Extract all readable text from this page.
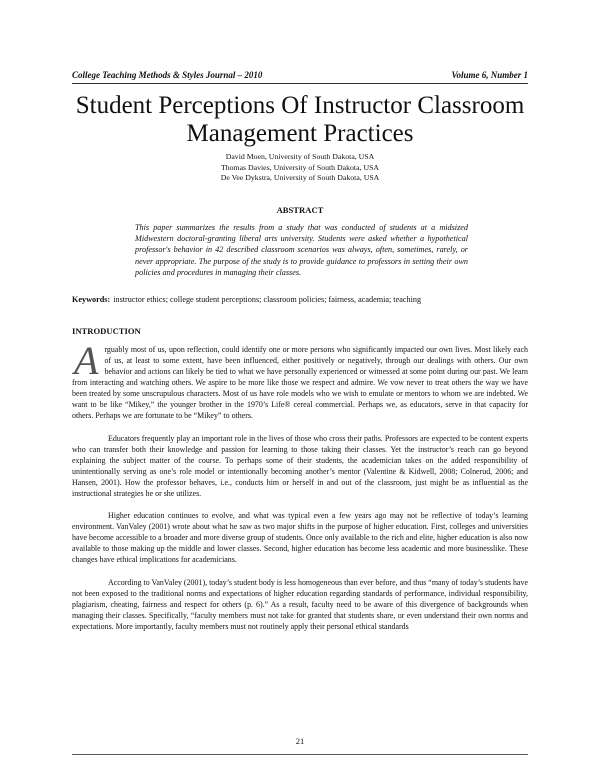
College Teaching Methods & Styles Journal – 2010	Volume 6, Number 1
Student Perceptions Of Instructor Classroom Management Practices
David Moen, University of South Dakota, USA
Thomas Davies, University of South Dakota, USA
De Vee Dykstra, University of South Dakota, USA
ABSTRACT

This paper summarizes the results from a study that was conducted of students at a midsized Midwestern doctoral-granting liberal arts university. Students were asked whether a hypothetical professor's behavior in 42 described classroom scenarios was always, often, sometimes, rarely, or never appropriate. The purpose of the study is to provide guidance to professors in setting their own policies and procedures in managing their classes.

Keywords: instructor ethics; college student perceptions; classroom policies; fairness, academia; teaching

INTRODUCTION

Arguably most of us, upon reflection, could identify one or more persons who significantly impacted our own lives. Most likely each of us, at least to some extent, have been influenced, either positively or negatively, through our dealings with others. Our own behavior and actions can likely be tied to what we have personally experienced or witnessed at some point during our past. We learn from interacting and watching others. We aspire to be more like those we respect and admire. We vow never to treat others the way we have been treated by some unscrupulous characters. Most of us have role models who we wish to emulate or mentors to whom we are indebted. We want to be like “Mikey,” the younger brother in the 1970’s Life® cereal commercial. Perhaps we, as educators, serve in that capacity for others. Perhaps we are fortunate to be “Mikey” to others.

Educators frequently play an important role in the lives of those who cross their paths. Professors are expected to be content experts who can transfer both their knowledge and passion for learning to those taking their classes. Yet the instructor’s reach can go beyond explaining the subject matter of the course. To perhaps some of their students, the academician takes on the added responsibility of unintentionally serving as one’s role model or intentionally becoming another’s mentor (Valentine & Kidwell, 2008; Colnerud, 2006; and Hansen, 2001). How the professor behaves, i.e., conducts him or herself in and out of the classroom, just might be as influential as the instructional strategies he or she utilizes.

Higher education continues to evolve, and what was typical even a few years ago may not be reflective of today’s learning environment. VanValey (2001) wrote about what he saw as two major shifts in the purpose of higher education. First, colleges and universities have become accessible to a broader and more diverse group of students. Once only available to the rich and elite, higher education is also now available to those making up the middle and lower classes. Second, higher education has become less academic and more businesslike. These changes have ethical implications for academicians.

According to VanValey (2001), today’s student body is less homogeneous than ever before, and thus “many of today’s students have not been exposed to the traditional norms and expectations of higher education regarding standards of performance, individual responsibility, plagiarism, cheating, fairness and respect for others (p. 6).” As a result, faculty need to be aware of this divergence of backgrounds when managing their classes. Specifically, “faculty members must not take for granted that students share, or even understand their own norms and expectations. More importantly, faculty members must not routinely apply their personal ethical standards

21
